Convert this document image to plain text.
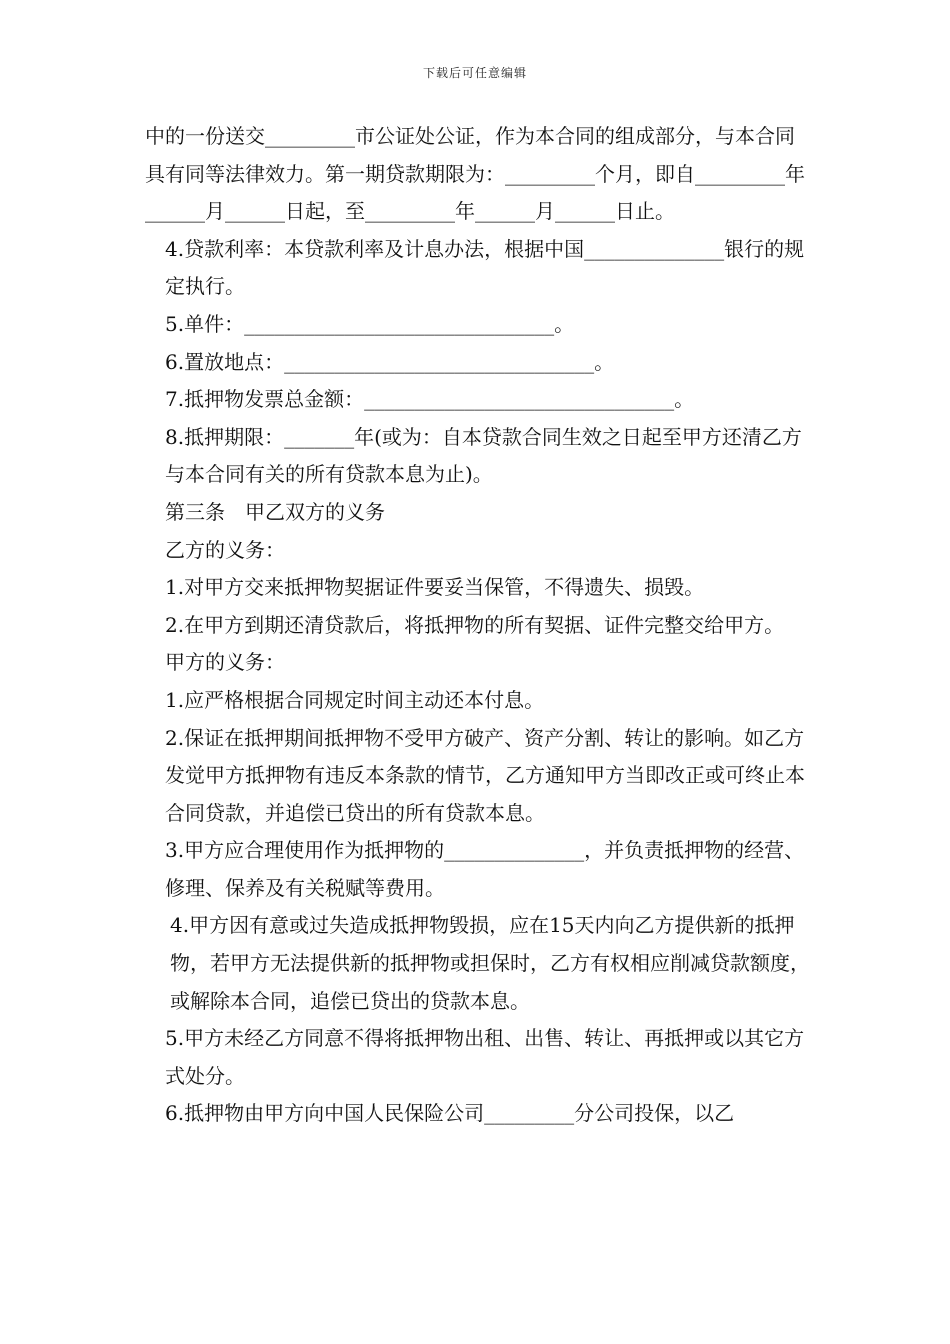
下载后可任意编辑

中的一份送交_________市公证处公证，作为本合同的组成部分，与本合同具有同等法律效力。第一期贷款期限为：_________个月，即自_________年______月______日起，至_________年______月______日止。

4.贷款利率：本贷款利率及计息办法，根据中国______________银行的规定执行。

5.单件：_______________________________。

6.置放地点：_______________________________。

7.抵押物发票总金额：_______________________________。

8.抵押期限：_______年(或为：自本贷款合同生效之日起至甲方还清乙方与本合同有关的所有贷款本息为止)。

第三条　甲乙双方的义务

乙方的义务：

1.对甲方交来抵押物契据证件要妥当保管，不得遗失、损毁。

2.在甲方到期还清贷款后，将抵押物的所有契据、证件完整交给甲方。

甲方的义务：

1.应严格根据合同规定时间主动还本付息。

2.保证在抵押期间抵押物不受甲方破产、资产分割、转让的影响。如乙方发觉甲方抵押物有违反本条款的情节，乙方通知甲方当即改正或可终止本合同贷款，并追偿已贷出的所有贷款本息。

3.甲方应合理使用作为抵押物的______________，并负责抵押物的经营、修理、保养及有关税赋等费用。

4.甲方因有意或过失造成抵押物毁损，应在15天内向乙方提供新的抵押物，若甲方无法提供新的抵押物或担保时，乙方有权相应削减贷款额度，或解除本合同，追偿已贷出的贷款本息。

5.甲方未经乙方同意不得将抵押物出租、出售、转让、再抵押或以其它方式处分。

6.抵押物由甲方向中国人民保险公司_________分公司投保，以乙
